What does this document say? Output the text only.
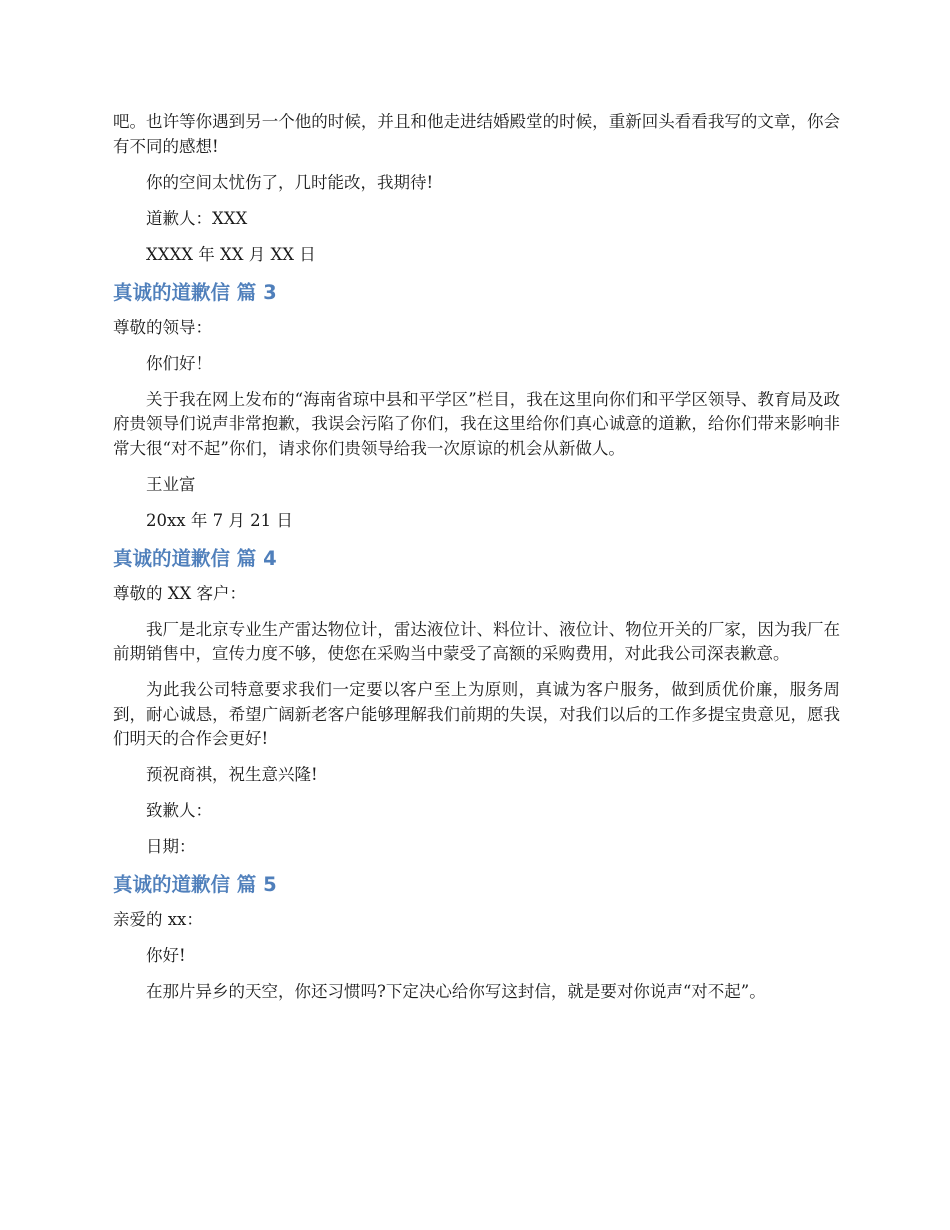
吧。也许等你遇到另一个他的时候，并且和他走进结婚殿堂的时候，重新回头看看我写的文章，你会有不同的感想!

你的空间太忧伤了，几时能改，我期待!

道歉人：XXX

XXXX 年 XX 月 XX 日

真诚的道歉信 篇 3

尊敬的领导：

你们好！

关于我在网上发布的“海南省琼中县和平学区”栏目，我在这里向你们和平学区领导、教育局及政府贵领导们说声非常抱歉，我误会污陷了你们，我在这里给你们真心诚意的道歉，给你们带来影响非常大很“对不起”你们，请求你们贵领导给我一次原谅的机会从新做人。

王业富

20xx 年 7 月 21 日

真诚的道歉信 篇 4

尊敬的 XX 客户：

我厂是北京专业生产雷达物位计，雷达液位计、料位计、液位计、物位开关的厂家，因为我厂在前期销售中，宣传力度不够，使您在采购当中蒙受了高额的采购费用，对此我公司深表歉意。

为此我公司特意要求我们一定要以客户至上为原则，真诚为客户服务，做到质优价廉，服务周到，耐心诚恳，希望广阔新老客户能够理解我们前期的失误，对我们以后的工作多提宝贵意见，愿我们明天的合作会更好!

预祝商祺，祝生意兴隆!

致歉人：

日期：

真诚的道歉信 篇 5

亲爱的 xx：

你好!

在那片异乡的天空，你还习惯吗?下定决心给你写这封信，就是要对你说声“对不起”。
